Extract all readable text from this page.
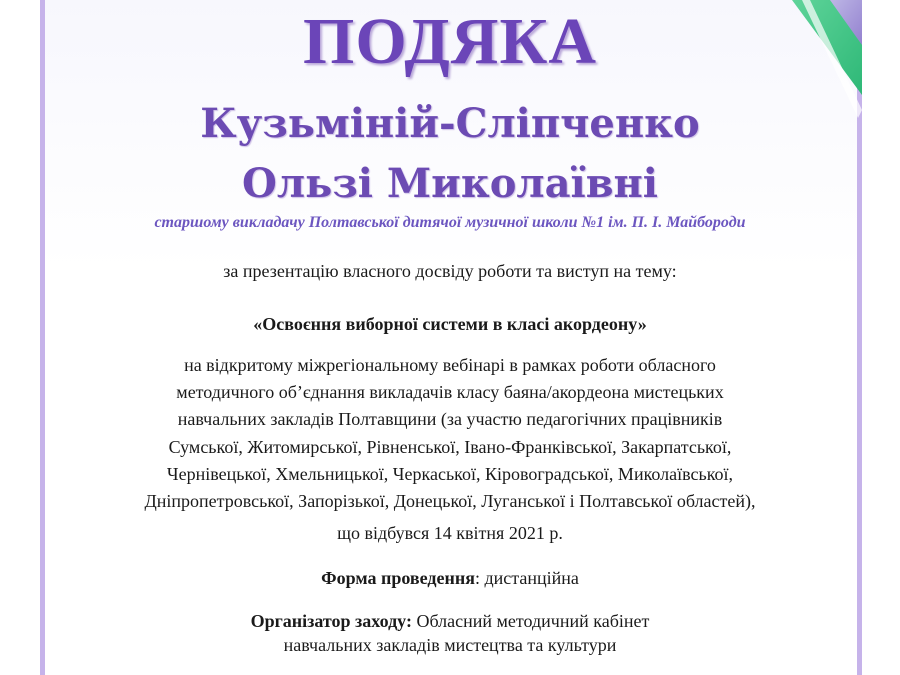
ПОДЯКА
Кузьміній-Сліпченко
Ользі Миколаївні
старшому викладачу Полтавської дитячої музичної школи №1 ім. П. І. Майбороди
за презентацію власного досвіду роботи та виступ на тему:
«Освоєння виборної системи в класі акордеону»
на відкритому міжрегіональному вебінарі в рамках роботи обласного
методичного об’єднання викладачів класу баяна/акордеона мистецьких
навчальних закладів Полтавщини (за участю педагогічних працівників
Сумської, Житомирської, Рівненської, Івано-Франківської, Закарпатської,
Чернівецької, Хмельницької, Черкаської, Кіровоградської, Миколаївської,
Дніпропетровської, Запорізької, Донецької, Луганської і Полтавської областей),
що відбувся 14 квітня 2021 р.
Форма проведення: дистанційна
Організатор заходу: Обласний методичний кабінет
навчальних закладів мистецтва та культури
